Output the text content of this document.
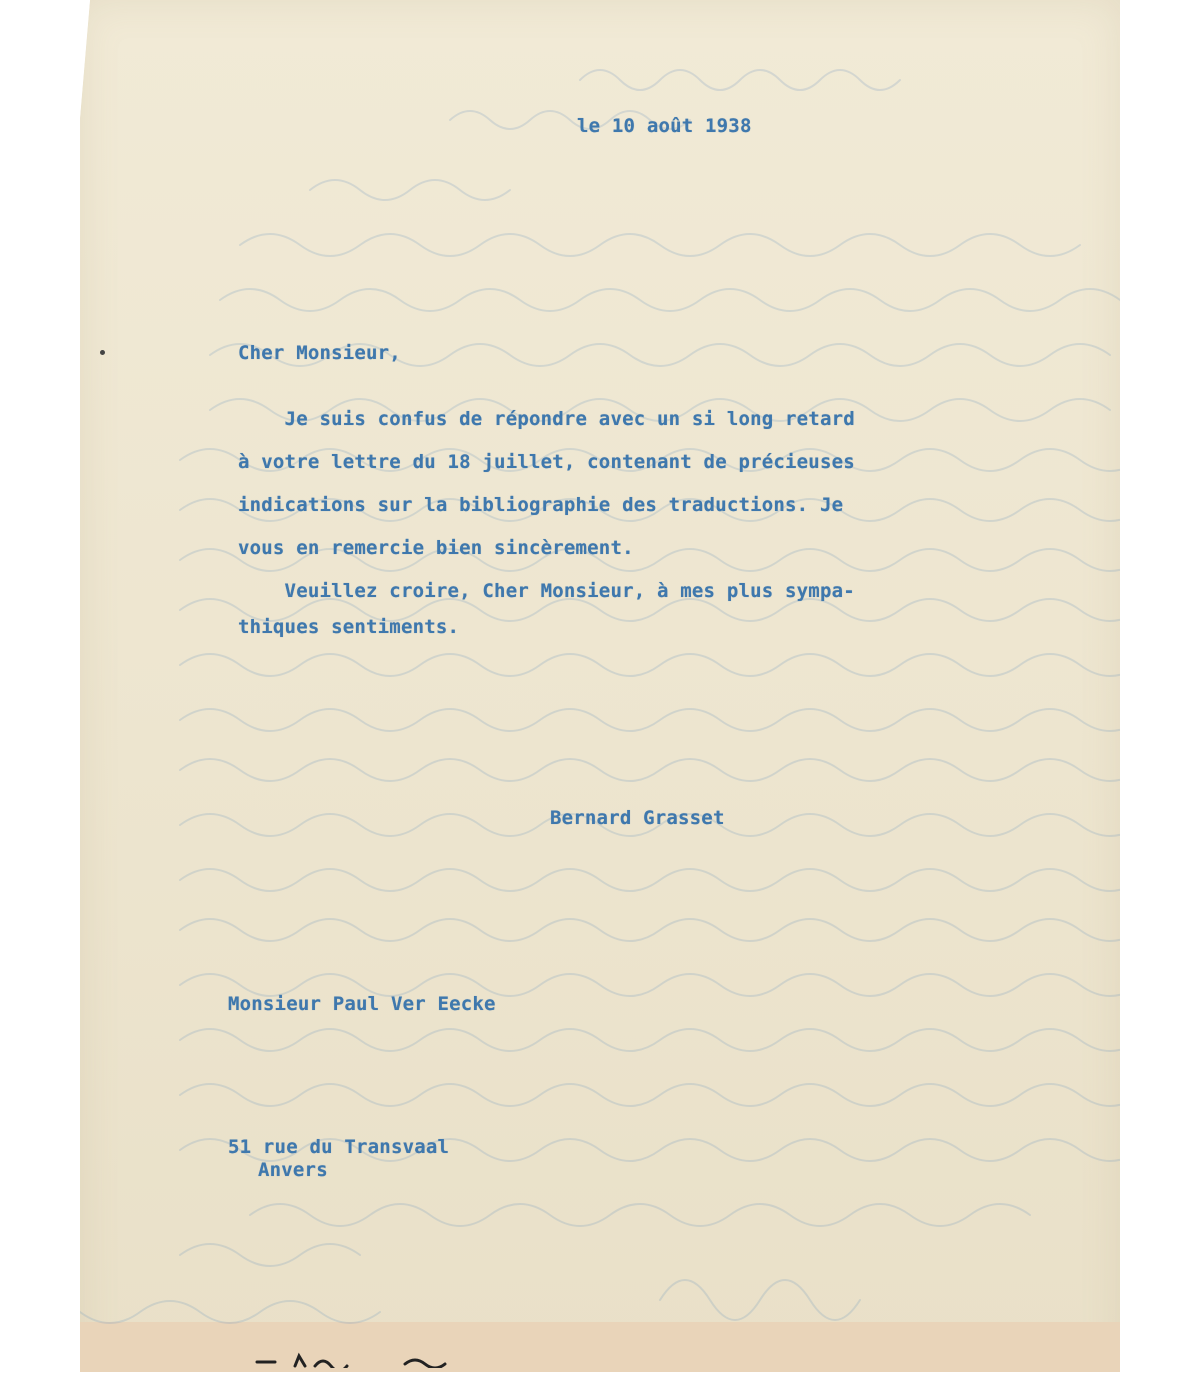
le 10 août 1938
Cher Monsieur,
Je suis confus de répondre avec un si long retard
à votre lettre du 18 juillet, contenant de précieuses
indications sur la bibliographie des traductions. Je
vous en remercie bien sincèrement.
Veuillez croire, Cher Monsieur, à mes plus sympa-
thiques sentiments.
Bernard Grasset
Monsieur Paul Ver Eecke
51 rue du Transvaal
Anvers
